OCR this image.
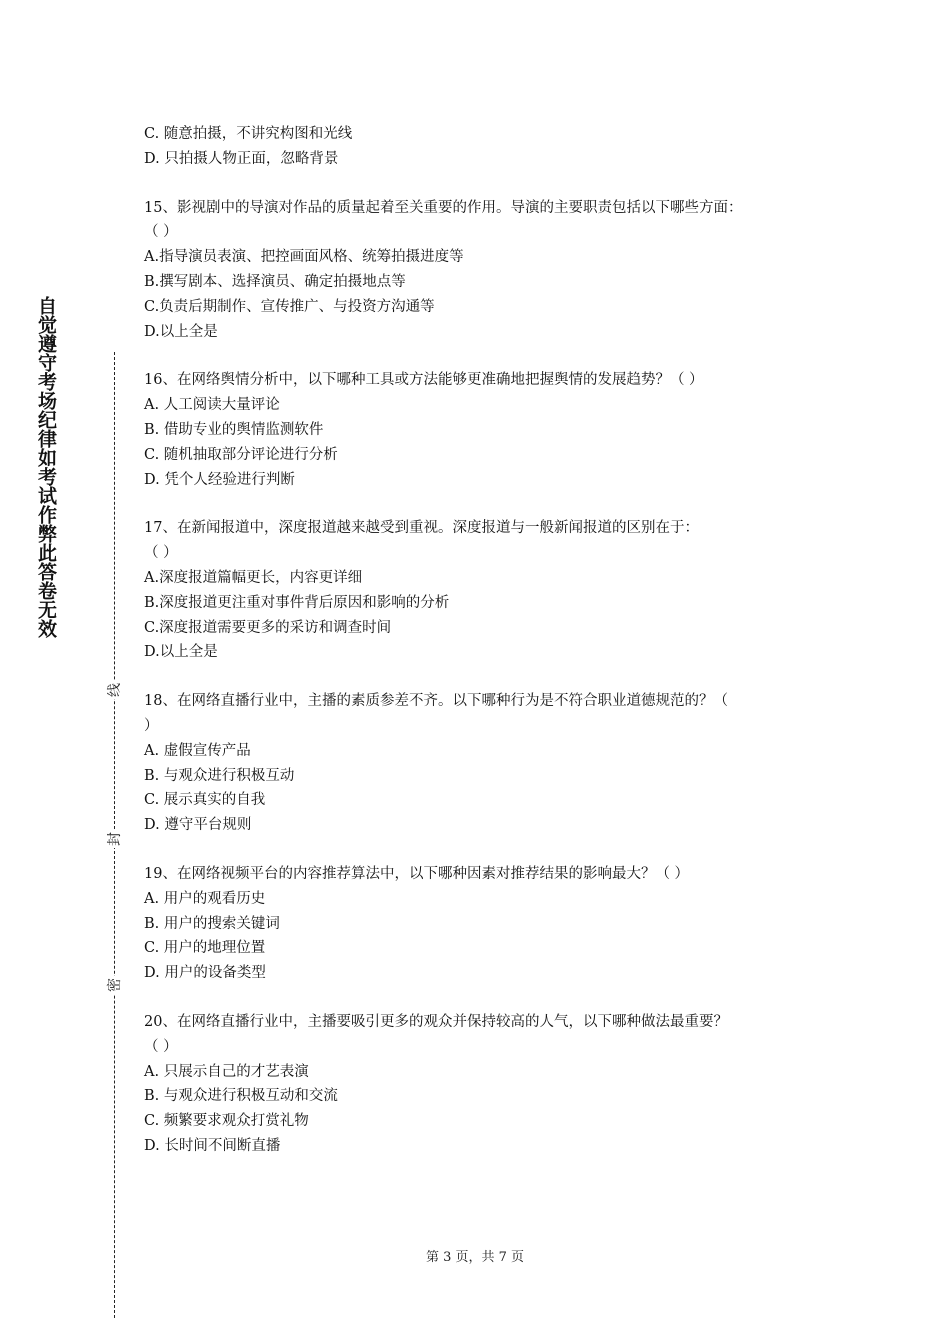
自觉遵守考场纪律如考试作弊此答卷无效
线
封
密
C. 随意拍摄，不讲究构图和光线
D. 只拍摄人物正面，忽略背景
15、影视剧中的导演对作品的质量起着至关重要的作用。导演的主要职责包括以下哪些方面：
（ ）
A.指导演员表演、把控画面风格、统筹拍摄进度等
B.撰写剧本、选择演员、确定拍摄地点等
C.负责后期制作、宣传推广、与投资方沟通等
D.以上全是
16、在网络舆情分析中，以下哪种工具或方法能够更准确地把握舆情的发展趋势？（ ）
A. 人工阅读大量评论
B. 借助专业的舆情监测软件
C. 随机抽取部分评论进行分析
D. 凭个人经验进行判断
17、在新闻报道中，深度报道越来越受到重视。深度报道与一般新闻报道的区别在于：
（ ）
A.深度报道篇幅更长，内容更详细
B.深度报道更注重对事件背后原因和影响的分析
C.深度报道需要更多的采访和调查时间
D.以上全是
18、在网络直播行业中，主播的素质参差不齐。以下哪种行为是不符合职业道德规范的？（
）
A. 虚假宣传产品
B. 与观众进行积极互动
C. 展示真实的自我
D. 遵守平台规则
19、在网络视频平台的内容推荐算法中，以下哪种因素对推荐结果的影响最大？（ ）
A. 用户的观看历史
B. 用户的搜索关键词
C. 用户的地理位置
D. 用户的设备类型
20、在网络直播行业中，主播要吸引更多的观众并保持较高的人气，以下哪种做法最重要？
（ ）
A. 只展示自己的才艺表演
B. 与观众进行积极互动和交流
C. 频繁要求观众打赏礼物
D. 长时间不间断直播
第 3 页，共 7 页
